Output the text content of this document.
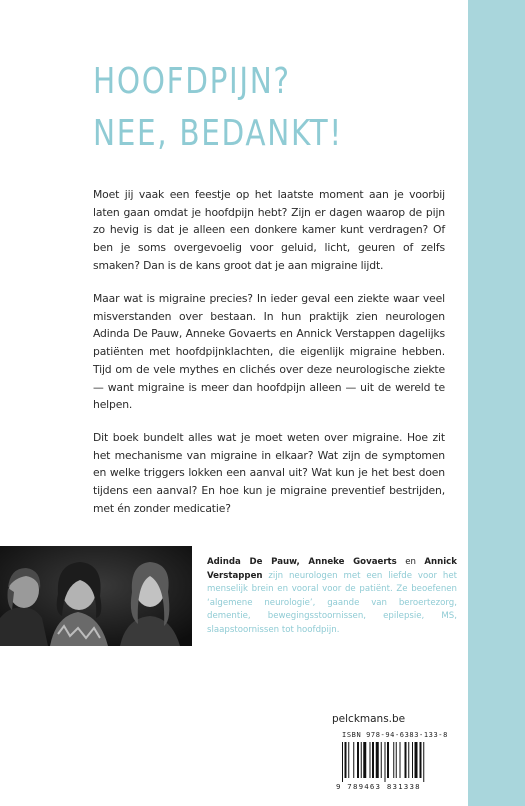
HOOFDPIJN?
NEE, BEDANKT!

Moet jij vaak een feestje op het laatste moment aan je voorbij laten gaan omdat je hoofdpijn hebt? Zijn er dagen waarop de pijn zo hevig is dat je alleen een donkere kamer kunt verdragen? Of ben je soms overgevoelig voor geluid, licht, geuren of zelfs smaken? Dan is de kans groot dat je aan migraine lijdt.

Maar wat is migraine precies? In ieder geval een ziekte waar veel misverstanden over bestaan. In hun praktijk zien neurologen Adinda De Pauw, Anneke Govaerts en Annick Verstappen dagelijks patiënten met hoofdpijnklachten, die eigenlijk migraine hebben. Tijd om de vele mythes en clichés over deze neurologische ziekte — want migraine is meer dan hoofdpijn alleen — uit de wereld te helpen.

Dit boek bundelt alles wat je moet weten over migraine. Hoe zit het mechanisme van migraine in elkaar? Wat zijn de symptomen en welke triggers lokken een aanval uit? Wat kun je het best doen tijdens een aanval? En hoe kun je migraine preventief bestrijden, met én zonder medicatie?

Adinda De Pauw, Anneke Govaerts en Annick Verstappen zijn neurologen met een liefde voor het menselijk brein en vooral voor de patiënt. Ze beoefenen ‘algemene neurologie’, gaande van beroertezorg, dementie, bewegingsstoornissen, epilepsie, MS, slaapstoornissen tot hoofdpijn.

pelckmans.be
ISBN 978-94-6383-133-8
9 789463 831338
